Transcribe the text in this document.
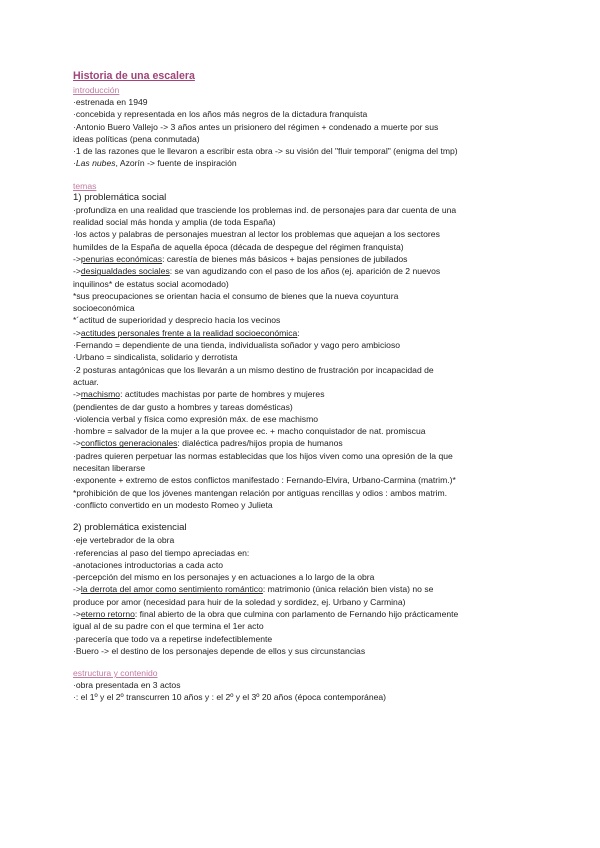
Historia de una escalera
introducción
·estrenada en 1949
·concebida y representada en los años más negros de la dictadura franquista
·Antonio Buero Vallejo -> 3 años antes un prisionero del régimen + condenado a muerte por sus
ideas políticas (pena conmutada)
·1 de las razones que le llevaron a escribir esta obra -> su visión del "fluir temporal" (enigma del tmp)
·Las nubes, Azorín -> fuente de inspiración
temas
1) problemática social
·profundiza en una realidad que trasciende los problemas ind. de personajes para dar cuenta de una
realidad social más honda y amplia (de toda España)
·los actos y palabras de personajes muestran al lector los problemas que aquejan a los sectores
humildes de la España de aquella época (década de despegue del régimen franquista)
->penurias económicas: carestía de bienes más básicos + bajas pensiones de jubilados
->desigualdades sociales: se van agudizando con el paso de los años (ej. aparición de 2 nuevos
inquilinos* de estatus social acomodado)
*sus preocupaciones se orientan hacia el consumo de bienes que la nueva coyuntura
socioeconómica
*´actitud de superioridad y desprecio hacia los vecinos
->actitudes personales frente a la realidad socioeconómica:
·Fernando = dependiente de una tienda, individualista soñador y vago pero ambicioso
·Urbano = sindicalista, solidario y derrotista
·2 posturas antagónicas que los llevarán a un mismo destino de frustración por incapacidad de
actuar.
->machismo: actitudes machistas por parte de hombres y mujeres
(pendientes de dar gusto a hombres y tareas domésticas)
·violencia verbal y física como expresión máx. de ese machismo
·hombre = salvador de la mujer a la que provee ec. + macho conquistador de nat. promiscua
->conflictos generacionales: dialéctica padres/hijos propia de humanos
·padres quieren perpetuar las normas establecidas que los hijos viven como una opresión de la que
necesitan liberarse
·exponente + extremo de estos conflictos manifestado : Fernando-Elvira, Urbano-Carmina (matrim.)*
*prohibición de que los jóvenes mantengan relación por antiguas rencillas y odios : ambos matrim.
·conflicto convertido en un modesto Romeo y Julieta
2) problemática existencial
·eje vertebrador de la obra
·referencias al paso del tiempo apreciadas en:
-anotaciones introductorias a cada acto
-percepción del mismo en los personajes y en actuaciones a lo largo de la obra
->la derrota del amor como sentimiento romántico: matrimonio (única relación bien vista) no se
produce por amor (necesidad para huir de la soledad y sordidez, ej. Urbano y Carmina)
->eterno retorno: final abierto de la obra que culmina con parlamento de Fernando hijo prácticamente
igual al de su padre con el que termina el 1er acto
·parecería que todo va a repetirse indefectiblemente
·Buero -> el destino de los personajes depende de ellos y sus circunstancias
estructura y contenido
·obra presentada en 3 actos
·: el 1º y el 2º transcurren 10 años y : el 2º y el 3º 20 años (época contemporánea)
